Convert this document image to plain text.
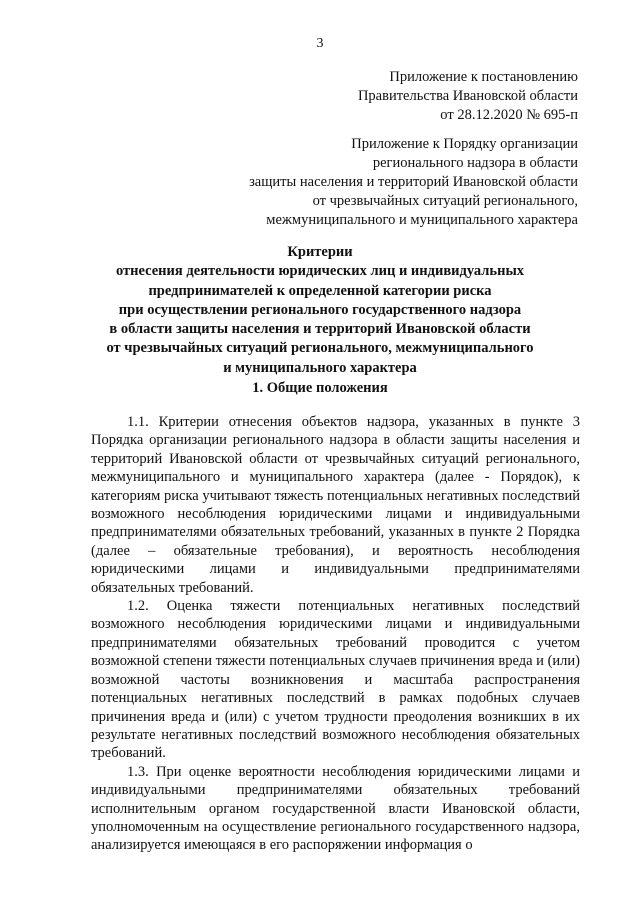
3
Приложение к постановлению
Правительства Ивановской области
от 28.12.2020 № 695-п
Приложение к Порядку организации
регионального надзора в области
защиты населения и территорий Ивановской области
от чрезвычайных ситуаций регионального,
межмуниципального и муниципального характера
Критерии
отнесения деятельности юридических лиц и индивидуальных
предпринимателей к определенной категории риска
при осуществлении регионального государственного надзора
в области защиты населения и территорий Ивановской области
от чрезвычайных ситуаций регионального, межмуниципального
и муниципального характера
1. Общие положения

1.1. Критерии отнесения объектов надзора, указанных в пункте 3 Порядка организации регионального надзора в области защиты населения и территорий Ивановской области от чрезвычайных ситуаций регионального, межмуниципального и муниципального характера (далее - Порядок), к категориям риска учитывают тяжесть потенциальных негативных последствий возможного несоблюдения юридическими лицами и индивидуальными предпринимателями обязательных требований, указанных в пункте 2 Порядка (далее – обязательные требования), и вероятность несоблюдения юридическими лицами и индивидуальными предпринимателями обязательных требований.

1.2. Оценка тяжести потенциальных негативных последствий возможного несоблюдения юридическими лицами и индивидуальными предпринимателями обязательных требований проводится с учетом возможной степени тяжести потенциальных случаев причинения вреда и (или) возможной частоты возникновения и масштаба распространения потенциальных негативных последствий в рамках подобных случаев причинения вреда и (или) с учетом трудности преодоления возникших в их результате негативных последствий возможного несоблюдения обязательных требований.

1.3. При оценке вероятности несоблюдения юридическими лицами и индивидуальными предпринимателями обязательных требований исполнительным органом государственной власти Ивановской области, уполномоченным на осуществление регионального государственного надзора, анализируется имеющаяся в его распоряжении информация о
